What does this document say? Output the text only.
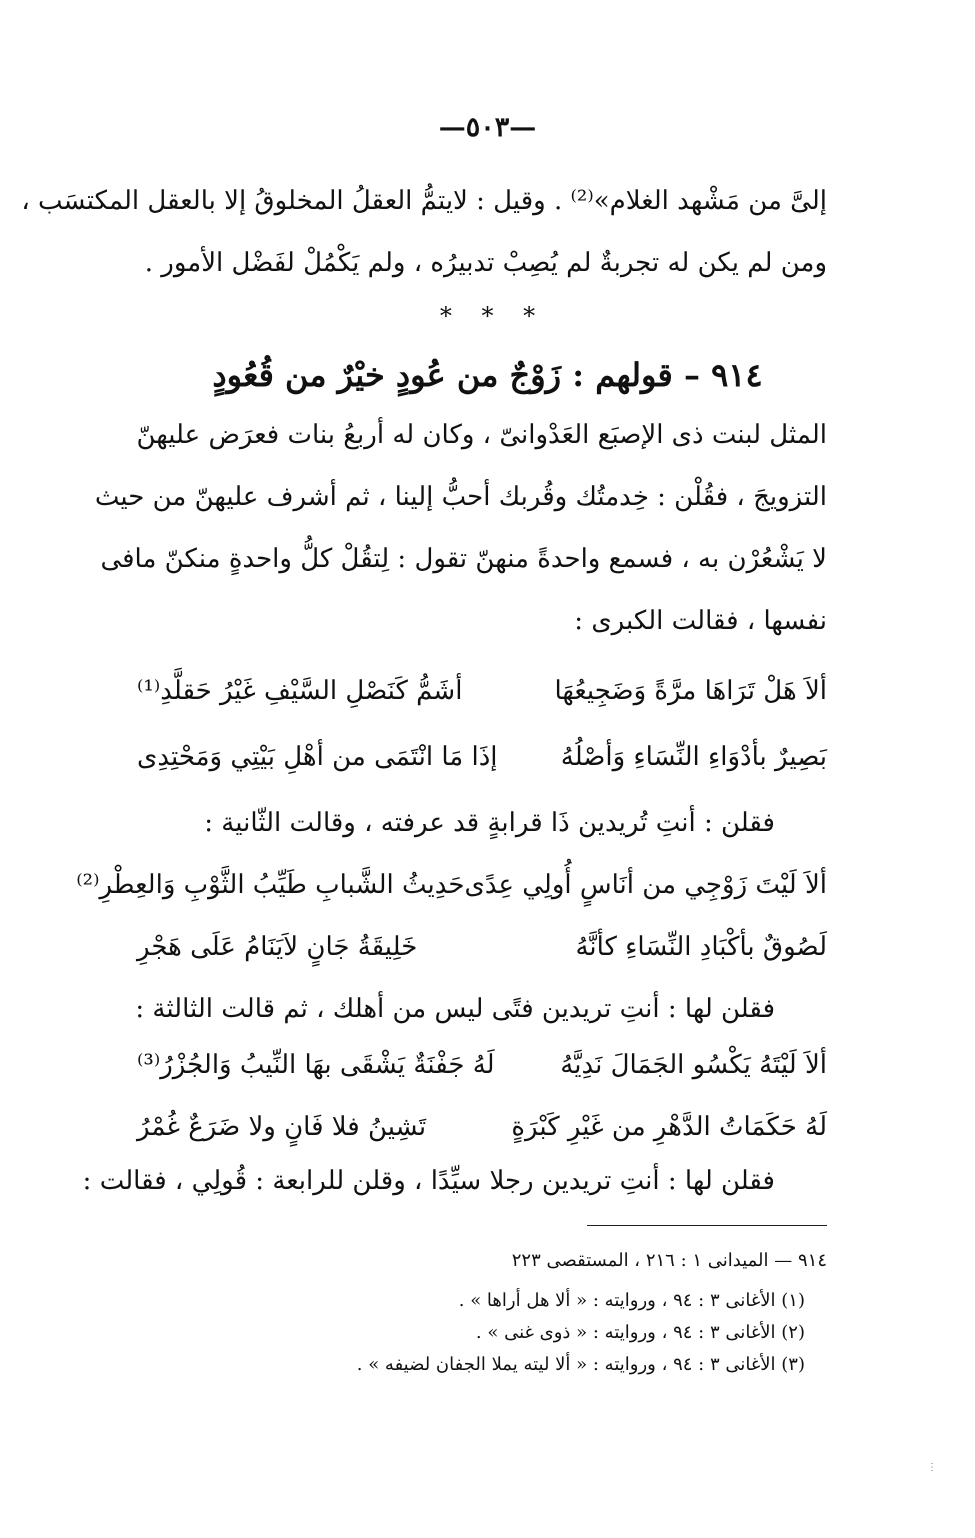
—٥٠٣—
إلىَّ من مَشْهد الغلام»⁽²⁾ . وقيل : لايتمُّ العقلُ المخلوقُ إلا بالعقل المكتسَب ،
ومن لم يكن له تجربةٌ لم يُصِبْ تدبيرُه ، ولم يَكْمُلْ لفَضْل الأمور .
* * *
٩١٤ – قولهم : زَوْجٌ من عُودٍ خيْرٌ من قُعُودٍ
المثل لبنت ذى الإصبَع العَدْوانىّ ، وكان له أربعُ بنات فعرَض عليهنّ
التزويجَ ، فقُلْن : خِدمتُك وقُربك أحبُّ إلينا ، ثم أشرف عليهنّ من حيث
لا يَشْعُرْن به ، فسمع واحدةً منهنّ تقول : لِتقُلْ كلُّ واحدةٍ منكنّ مافى
نفسها ، فقالت الكبرى :
ألاَ هَلْ تَرَاهَا مرَّةً وَضَجِيعُهَا
أشَمُّ كَنَصْلِ السَّيْفِ غَيْرُ حَقلَّدِ⁽¹⁾
بَصِيرٌ بأدْوَاءِ النِّسَاءِ وَأصْلُهُ
إذَا مَا انْتَمَى من أهْلِ بَيْتِي وَمَحْتِدِى
فقلن : أنتِ تُريدين ذَا قرابةٍ قد عرفته ، وقالت الثّانية :
ألاَ لَيْتَ زَوْجِي من أنَاسٍ أُولِي عِدًى
حَدِيثُ الشَّبابِ طَيِّبُ الثَّوْبِ وَالعِطْرِ⁽²⁾
لَصُوقٌ بأكْبَادِ النِّسَاءِ كأنَّهُ
خَلِيقَةُ جَانٍ لاَيَنَامُ عَلَى هَجْرِ
فقلن لها : أنتِ تريدين فتًى ليس من أهلك ، ثم قالت الثالثة :
ألاَ لَيْتَهُ يَكْسُو الجَمَالَ نَدِيَّهُ
لَهُ جَفْنَةٌ يَشْقَى بهَا النِّيبُ وَالجُزْرُ⁽³⁾
لَهُ حَكَمَاتُ الدَّهْرِ من غَيْرِ كَبْرَةٍ
تَشِينُ فلا فَانٍ ولا ضَرَعٌ غُمْرُ
فقلن لها : أنتِ تريدين رجلا سيِّدًا ، وقلن للرابعة : قُولِي ، فقالت :
٩١٤ — الميدانى ١ : ٢١٦ ، المستقصى ٢٢٣
(١) الأغانى ٣ : ٩٤ ، وروايته : « ألا هل أراها » .
(٢) الأغانى ٣ : ٩٤ ، وروايته : « ذوى غنى » .
(٣) الأغانى ٣ : ٩٤ ، وروايته : « ألا ليته يملا الجفان لضيفه » .
⋮
